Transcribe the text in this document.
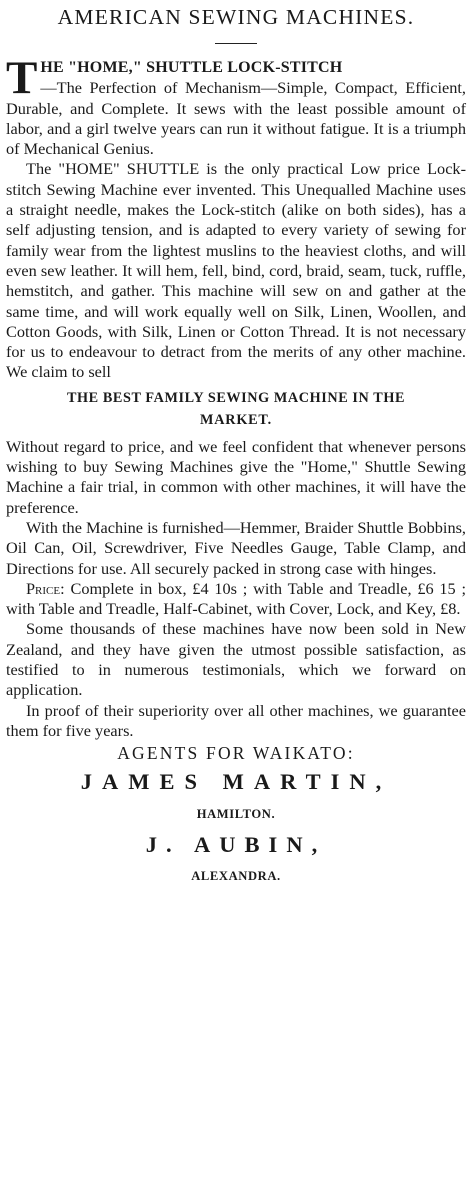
AMERICAN SEWING MACHINES.

T HE "HOME," SHUTTLE LOCK-STITCH
—The Perfection of Mechanism—Simple, Compact, Efficient, Durable, and Complete. It sews with the least possible amount of labor, and a girl twelve years can run it without fatigue. It is a triumph of Mechanical Genius.

The "HOME" SHUTTLE is the only practical Low price Lock-stitch Sewing Machine ever invented. This Unequalled Machine uses a straight needle, makes the Lock-stitch (alike on both sides), has a self adjusting tension, and is adapted to every variety of sewing for family wear from the lightest muslins to the heaviest cloths, and will even sew leather. It will hem, fell, bind, cord, braid, seam, tuck, ruffle, hemstitch, and gather. This machine will sew on and gather at the same time, and will work equally well on Silk, Linen, Woollen, and Cotton Goods, with Silk, Linen or Cotton Thread. It is not necessary for us to endeavour to detract from the merits of any other machine. We claim to sell

THE BEST FAMILY SEWING MACHINE IN THE
MARKET.

Without regard to price, and we feel confident that whenever persons wishing to buy Sewing Machines give the "Home," Shuttle Sewing Machine a fair trial, in common with other machines, it will have the preference.

With the Machine is furnished—Hemmer, Braider Shuttle Bobbins, Oil Can, Oil, Screwdriver, Five Needles Gauge, Table Clamp, and Directions for use. All securely packed in strong case with hinges.

Price: Complete in box, £4 10s ; with Table and Treadle, £6 15 ; with Table and Treadle, Half-Cabinet, with Cover, Lock, and Key, £8.

Some thousands of these machines have now been sold in New Zealand, and they have given the utmost possible satisfaction, as testified to in numerous testimonials, which we forward on application.

In proof of their superiority over all other machines, we guarantee them for five years.

AGENTS FOR WAIKATO:
JAMES MARTIN,
HAMILTON.
J. AUBIN,
ALEXANDRA.
